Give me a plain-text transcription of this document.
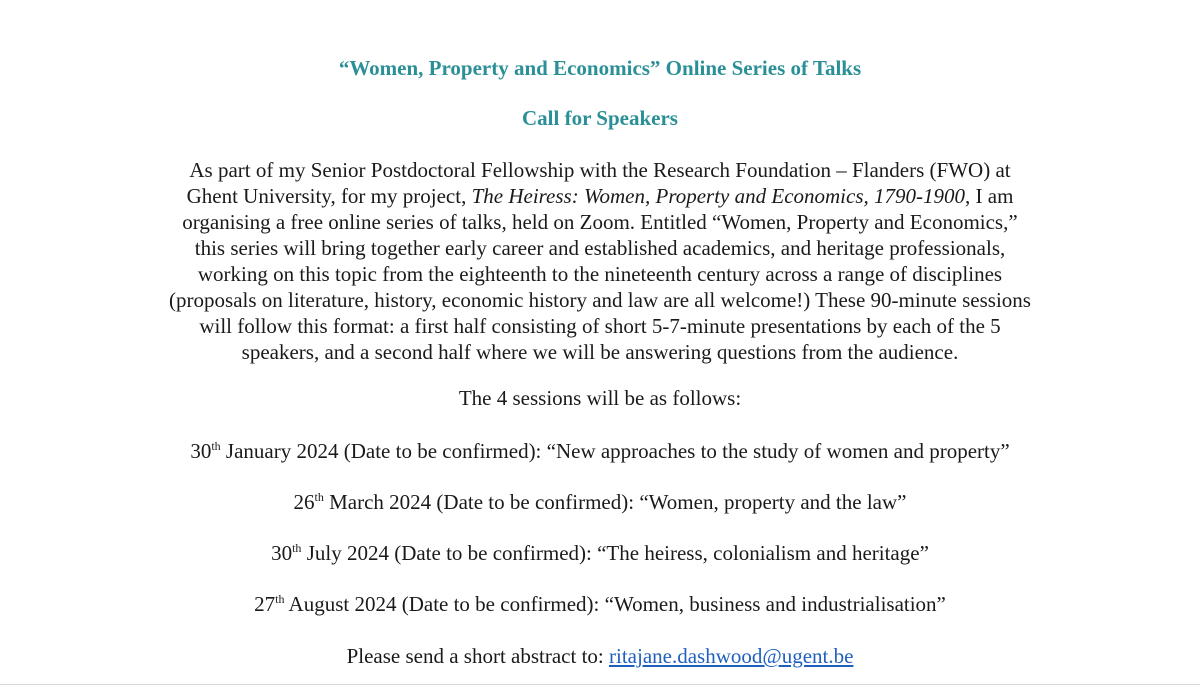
“Women, Property and Economics” Online Series of Talks
Call for Speakers
As part of my Senior Postdoctoral Fellowship with the Research Foundation – Flanders (FWO) at
Ghent University, for my project, The Heiress: Women, Property and Economics, 1790-1900, I am
organising a free online series of talks, held on Zoom. Entitled “Women, Property and Economics,”
this series will bring together early career and established academics, and heritage professionals,
working on this topic from the eighteenth to the nineteenth century across a range of disciplines
(proposals on literature, history, economic history and law are all welcome!) These 90-minute sessions
will follow this format: a first half consisting of short 5-7-minute presentations by each of the 5
speakers, and a second half where we will be answering questions from the audience.
The 4 sessions will be as follows:
30th January 2024 (Date to be confirmed): “New approaches to the study of women and property”
26th March 2024 (Date to be confirmed): “Women, property and the law”
30th July 2024 (Date to be confirmed): “The heiress, colonialism and heritage”
27th August 2024 (Date to be confirmed): “Women, business and industrialisation”
Please send a short abstract to: ritajane.dashwood@ugent.be
